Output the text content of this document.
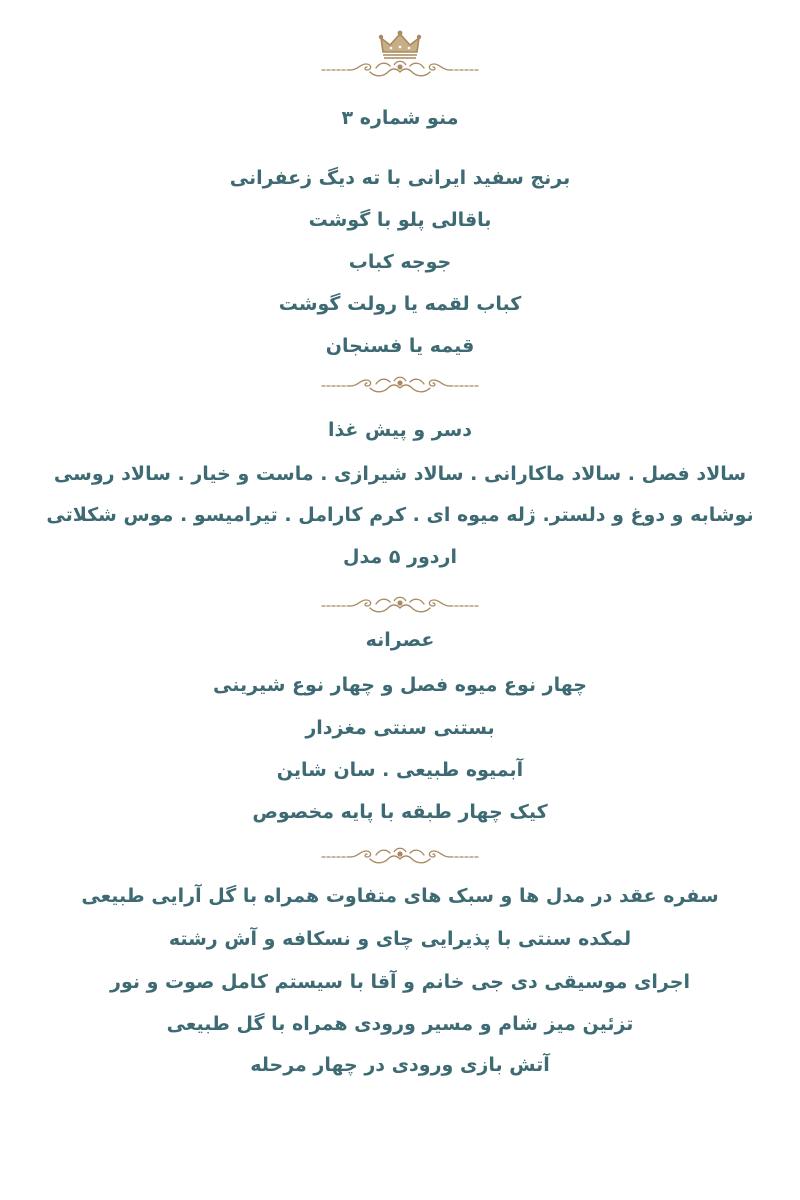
منو شماره ۳
برنج سفید ایرانی با ته دیگ زعفرانی
باقالی پلو با گوشت
جوجه کباب
کباب لقمه یا رولت گوشت
قیمه یا فسنجان
دسر و پیش غذا
سالاد فصل . سالاد ماکارانی . سالاد شیرازی . ماست و خیار . سالاد روسی
نوشابه و دوغ و دلستر. ژله میوه ای . کرم کارامل . تیرامیسو . موس شکلاتی
اردور ۵ مدل
عصرانه
چهار نوع میوه فصل و چهار نوع شیرینی
بستنی سنتی مغزدار
آبمیوه طبیعی . سان شاین
کیک چهار طبقه با پایه مخصوص
سفره عقد در مدل ها و سبک های متفاوت همراه با گل آرایی طبیعی
لمکده سنتی با پذیرایی چای و نسکافه و آش رشته
اجرای موسیقی دی جی خانم و آقا با سیستم کامل صوت و نور
تزئین میز شام و مسیر ورودی همراه با گل طبیعی
آتش بازی ورودی در چهار مرحله
